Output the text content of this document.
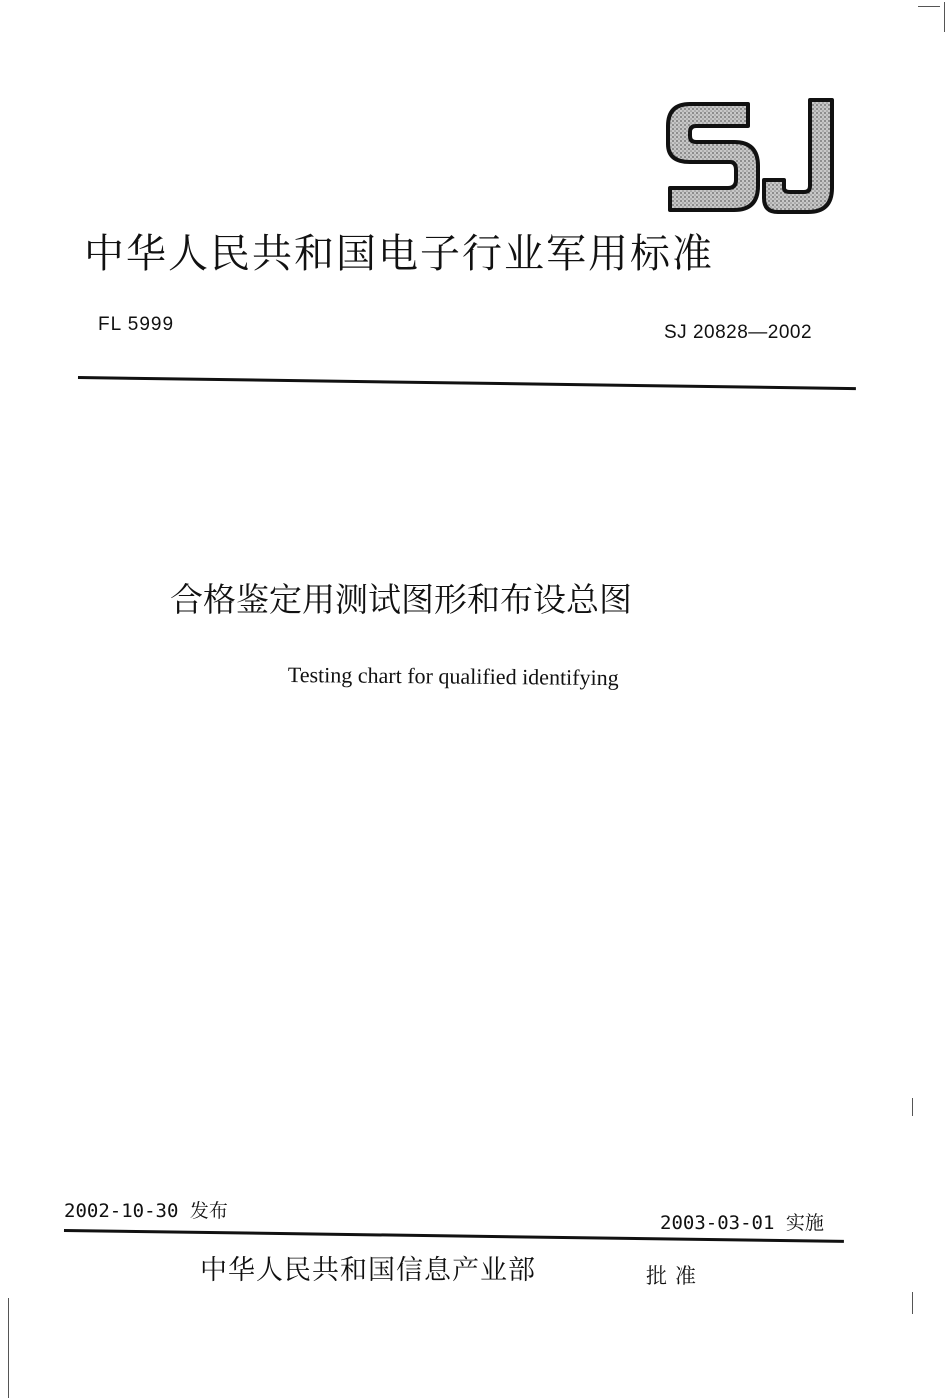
中华人民共和国电子行业军用标准
FL 5999	SJ 20828—2002
合格鉴定用测试图形和布设总图
Testing chart for qualified identifying
2002-10-30 发布
2003-03-01 实施
中华人民共和国信息产业部	批准
